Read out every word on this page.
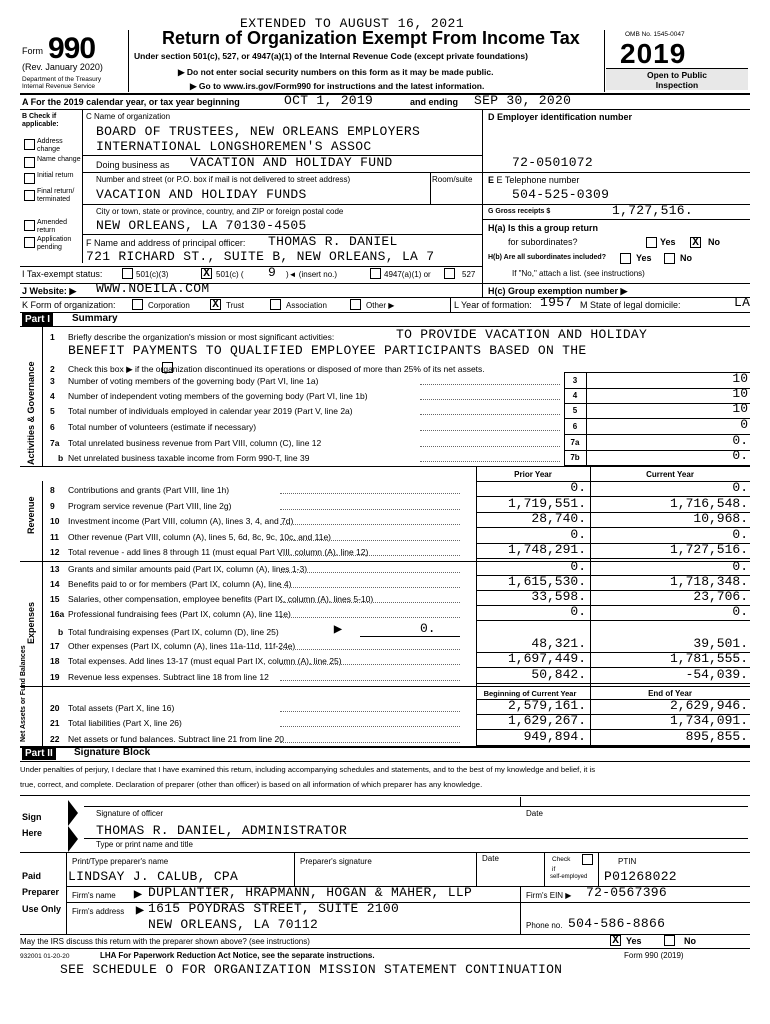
EXTENDED TO AUGUST 16, 2021
Form 990
(Rev. January 2020)
Department of the Treasury
Internal Revenue Service
Return of Organization Exempt From Income Tax
Under section 501(c), 527, or 4947(a)(1) of the Internal Revenue Code (except private foundations)
▶ Do not enter social security numbers on this form as it may be made public.
▶ Go to www.irs.gov/Form990 for instructions and the latest information.
OMB No. 1545-0047
2019
Open to Public
Inspection
A For the 2019 calendar year, or tax year beginning	OCT 1, 2019	and ending SEP 30, 2020
B Check if applicable:
Address change
Name change
Initial return
Final return/ terminated
Amended return
Application pending
C Name of organization
BOARD OF TRUSTEES, NEW ORLEANS EMPLOYERS
INTERNATIONAL LONGSHOREMEN'S ASSOC
Doing business as VACATION AND HOLIDAY FUND
Number and street (or P.O. box if mail is not delivered to street address)	Room/suite
VACATION AND HOLIDAY FUNDS
City or town, state or province, country, and ZIP or foreign postal code
NEW ORLEANS, LA 70130-4505
F Name and address of principal officer: THOMAS R. DANIEL
721 RICHARD ST., SUITE B, NEW ORLEANS, LA 7
D Employer identification number
72-0501072
E E Telephone number
504-525-0309
G Gross receipts $	1,727,516.
H(a) Is this a group return
for subordinates?	Yes X No
H(b) Are all subordinates included?	Yes	No
If "No," attach a list. (see instructions)
I Tax-exempt status:	501(c)(3)	X 501(c) ( 9 )◄ (insert no.)	4947(a)(1) or	527
J Website: ▶ WWW.NOEILA.COM	H(c) Group exemption number ▶
K Form of organization:	Corporation X Trust	Association	Other ▶	L Year of formation: 1957 M State of legal domicile:	LA
Part I	Summary
Activities & Governance
1 Briefly describe the organization's mission or most significant activities:	TO PROVIDE VACATION AND HOLIDAY
BENEFIT PAYMENTS TO QUALIFIED EMPLOYEE PARTICIPANTS BASED ON THE
2 Check this box ▶ if the organization discontinued its operations or disposed of more than 25% of its net assets.
3 Number of voting members of the governing body (Part VI, line 1a)	3	10
4 Number of independent voting members of the governing body (Part VI, line 1b)	4	10
5 Total number of individuals employed in calendar year 2019 (Part V, line 2a)	5	10
6 Total number of volunteers (estimate if necessary)	6	0
7a Total unrelated business revenue from Part VIII, column (C), line 12	7a	0.
b Net unrelated business taxable income from Form 990-T, line 39	7b	0.
Prior Year	Current Year
Revenue
8 Contributions and grants (Part VIII, line 1h)	0.	0.
9 Program service revenue (Part VIII, line 2g)	1,719,551.	1,716,548.
10 Investment income (Part VIII, column (A), lines 3, 4, and 7d)	28,740.	10,968.
11 Other revenue (Part VIII, column (A), lines 5, 6d, 8c, 9c, 10c, and 11e)	0.	0.
12 Total revenue - add lines 8 through 11 (must equal Part VIII, column (A), line 12)	1,748,291.	1,727,516.
Expenses
13 Grants and similar amounts paid (Part IX, column (A), lines 1-3)	0.	0.
14 Benefits paid to or for members (Part IX, column (A), line 4)	1,615,530.	1,718,348.
15 Salaries, other compensation, employee benefits (Part IX, column (A), lines 5-10)	33,598.	23,706.
16a Professional fundraising fees (Part IX, column (A), line 11e)	0.	0.
b Total fundraising expenses (Part IX, column (D), line 25)	▶	0.
17 Other expenses (Part IX, column (A), lines 11a-11d, 11f-24e)	48,321.	39,501.
18 Total expenses. Add lines 13-17 (must equal Part IX, column (A), line 25)	1,697,449.	1,781,555.
19 Revenue less expenses. Subtract line 18 from line 12	50,842.	-54,039.
Beginning of Current Year	End of Year
Net Assets or Fund Balances	20 Total assets (Part X, line 16)	2,579,161.	2,629,946.
21 Total liabilities (Part X, line 26)	1,629,267.	1,734,091.
22 Net assets or fund balances. Subtract line 21 from line 20	949,894.	895,855.
Part II	Signature Block
Under penalties of perjury, I declare that I have examined this return, including accompanying schedules and statements, and to the best of my knowledge and belief, it is
true, correct, and complete. Declaration of preparer (other than officer) is based on all information of which preparer has any knowledge.
Sign
Here
Signature of officer	Date
THOMAS R. DANIEL, ADMINISTRATOR
Type or print name and title
Paid
Preparer
Use Only
Print/Type preparer's name	Preparer's signature	Date	Check
if
self-employed
PTIN
LINDSAY J. CALUB, CPA	P01268022
Firm's name ▶ DUPLANTIER, HRAPMANN, HOGAN & MAHER, LLP	Firm's EIN ▶ 72-0567396
Firm's address ▶ 1615 POYDRAS STREET, SUITE 2100
NEW ORLEANS, LA 70112	Phone no. 504-586-8866
May the IRS discuss this return with the preparer shown above? (see instructions)	X Yes	No
932001 01-20-20	LHA For Paperwork Reduction Act Notice, see the separate instructions.	Form 990 (2019)
SEE SCHEDULE O FOR ORGANIZATION MISSION STATEMENT CONTINUATION
